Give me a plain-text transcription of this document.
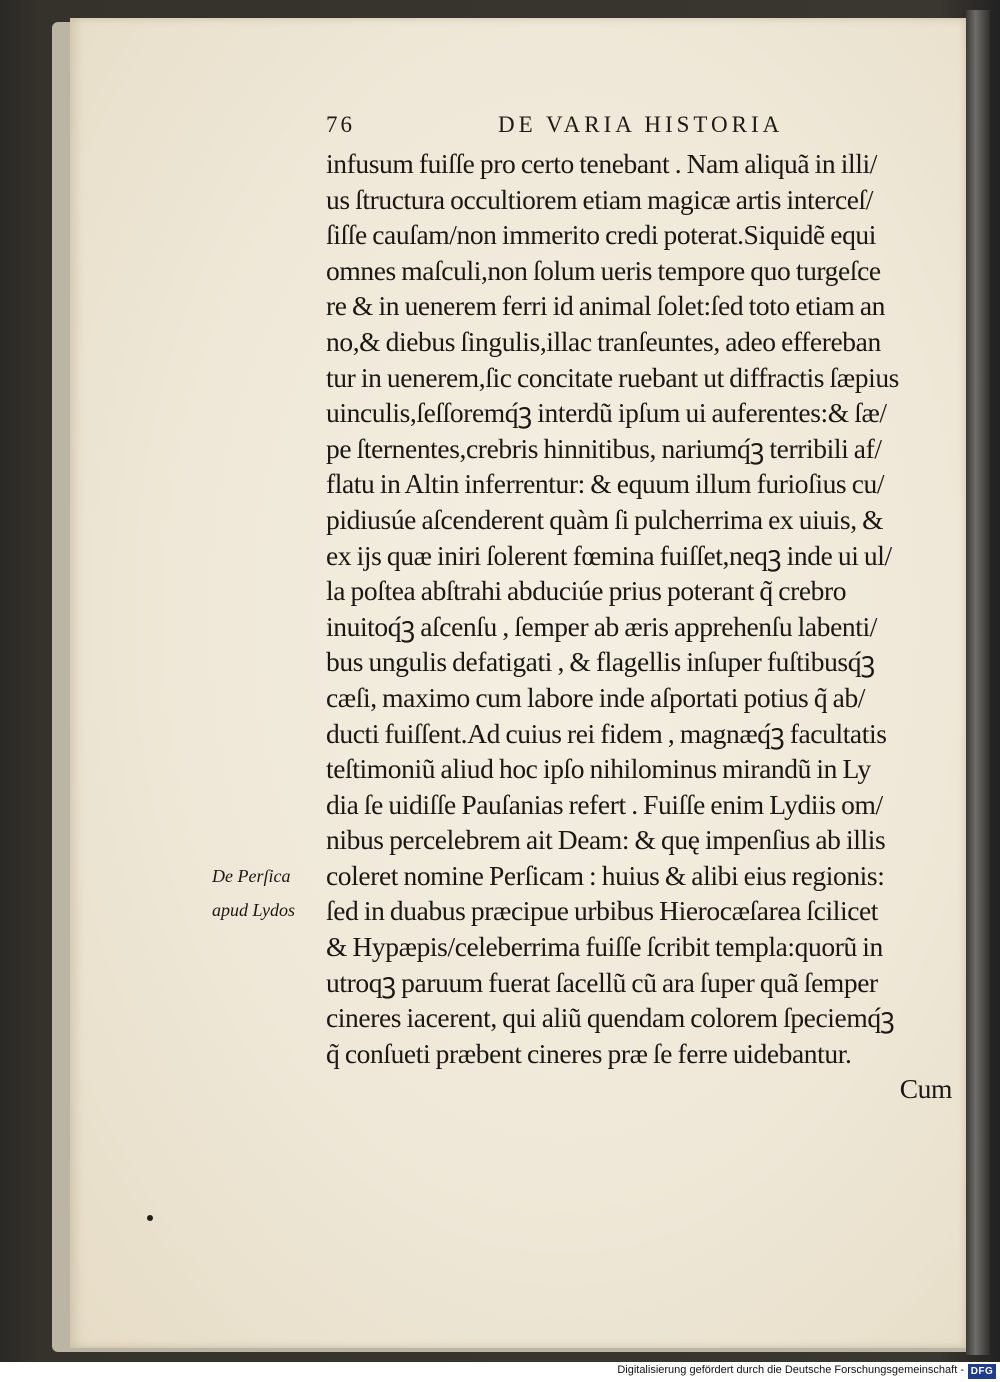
76	DE VARIA HISTORIA
infusum fuiſſe pro certo tenebant . Nam aliquã in illi/
us ſtructura occultiorem etiam magicæ artis interceſ/
ſiſſe cauſam/non immerito credi poterat.Siquidẽ equi
omnes maſculi,non ſolum ueris tempore quo turgeſce
re & in uenerem ferri id animal ſolet:ſed toto etiam an
no,& diebus ſingulis,illac tranſeuntes, adeo effereban
tur in uenerem,ſic concitate ruebant ut diffractis ſæpius
uinculis,ſeſſoremq́ꝫ interdũ ipſum ui auferentes:& ſæ/
pe ſternentes,crebris hinnitibus, nariumq́ꝫ terribili af/
flatu in Altin inferrentur: & equum illum furioſius cu/
pidiusúe aſcenderent quàm ſi pulcherrima ex uiuis, &
ex ijs quæ iniri ſolerent fœmina fuiſſet,neqꝫ inde ui ul/
la poſtea abſtrahi abduciúe prius poterant q̃ crebro
inuitoq́ꝫ aſcenſu , ſemper ab æris apprehenſu labenti/
bus ungulis defatigati , & flagellis inſuper fuſtibusq́ꝫ
cæſi, maximo cum labore inde aſportati potius q̃ ab/
ducti fuiſſent.Ad cuius rei fidem , magnæq́ꝫ facultatis
teſtimoniũ aliud hoc ipſo nihilominus mirandũ in Ly
dia ſe uidiſſe Pauſanias refert . Fuiſſe enim Lydiis om/
nibus percelebrem ait Deam: & quę impenſius ab illis
coleret nomine Perſicam : huius & alibi eius regionis:
ſed in duabus præcipue urbibus Hierocæſarea ſcilicet
& Hypæpis/celeberrima fuiſſe ſcribit templa:quorũ in
utroqꝫ paruum fuerat ſacellũ cũ ara ſuper quã ſemper
cineres iacerent, qui aliũ quendam colorem ſpeciemq́ꝫ
q̃ conſueti præbent cineres præ ſe ferre uidebantur.
Cum
De Perſica
apud Lydos
Digitalisierung gefördert durch die Deutsche Forschungsgemeinschaft - DFG
